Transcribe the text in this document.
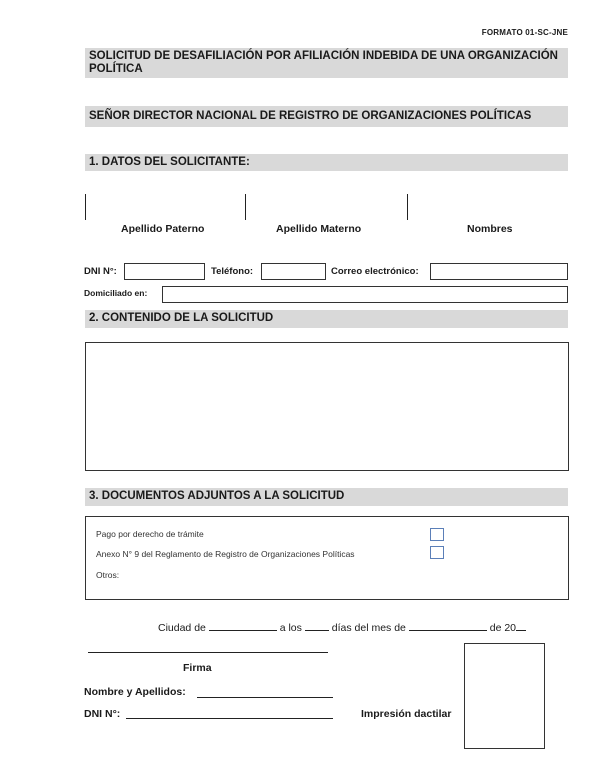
FORMATO 01-SC-JNE
SOLICITUD DE DESAFILIACIÓN POR AFILIACIÓN INDEBIDA DE UNA ORGANIZACIÓN POLÍTICA
SEÑOR DIRECTOR NACIONAL DE REGISTRO DE ORGANIZACIONES POLÍTICAS
1. DATOS DEL SOLICITANTE:
Apellido Paterno	Apellido Materno	Nombres
DNI N°:	Teléfono:	Correo electrónico:
Domiciliado en:
2. CONTENIDO DE LA SOLICITUD
3. DOCUMENTOS ADJUNTOS A LA SOLICITUD
Pago por derecho de trámite
Anexo N° 9 del Reglamento de Registro de Organizaciones Políticas
Otros:
Ciudad de	a los	días del mes de	de 20
Firma
Nombre y Apellidos:
DNI N°:	Impresión dactilar
